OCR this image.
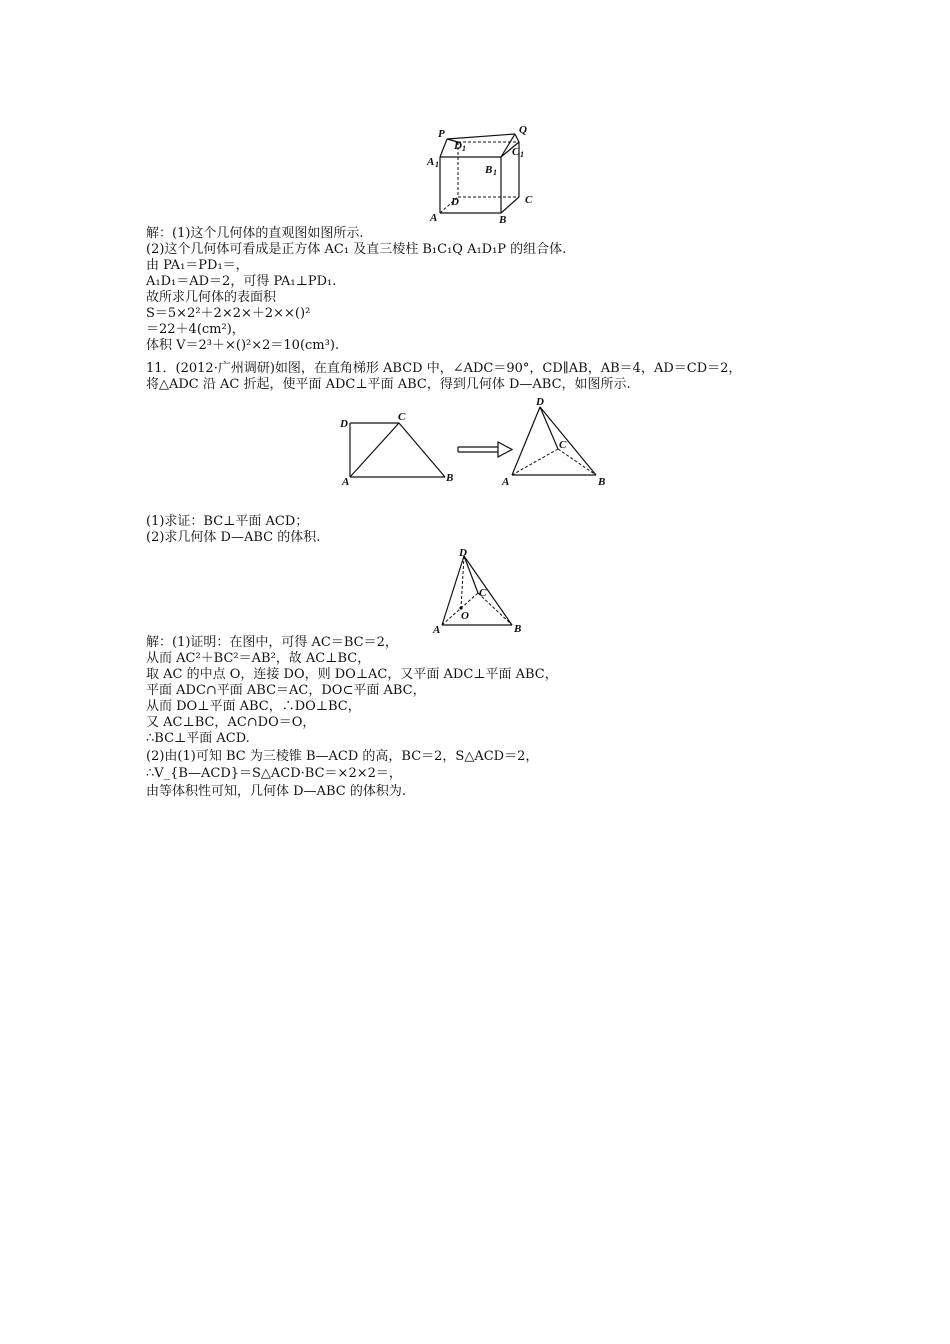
P	Q
D 1	C 1
A 1	B 1
D	C
A	B
解：(1)这个几何体的直观图如图所示.
(2)这个几何体可看成是正方体 AC₁ 及直三棱柱 B₁C₁Q A₁D₁P 的组合体.
由 PA₁＝PD₁＝，
A₁D₁＝AD＝2，可得 PA₁⊥PD₁.
故所求几何体的表面积
S＝5×2²＋2×2×＋2××()²
＝22＋4(cm²)，
体积 V＝2³＋×()²×2＝10(cm³).
11．(2012·广州调研)如图，在直角梯形 ABCD 中，∠ADC＝90°，CD∥AB，AB＝4，AD＝CD＝2，
将△ADC 沿 AC 折起，使平面 ADC⊥平面 ABC，得到几何体 D—ABC，如图所示.
D
C
A	B
D
C
A	B
(1)求证：BC⊥平面 ACD；
(2)求几何体 D—ABC 的体积.
D
C
O
A	B
解：(1)证明：在图中，可得 AC＝BC＝2，
从而 AC²＋BC²＝AB²，故 AC⊥BC，
取 AC 的中点 O，连接 DO，则 DO⊥AC，又平面 ADC⊥平面 ABC，
平面 ADC∩平面 ABC＝AC，DO⊂平面 ABC，
从而 DO⊥平面 ABC，∴DO⊥BC，
又 AC⊥BC，AC∩DO＝O，
∴BC⊥平面 ACD.
(2)由(1)可知 BC 为三棱锥 B—ACD 的高，BC＝2，S△ACD＝2，
∴V_{B—ACD}＝S△ACD·BC＝×2×2＝，
由等体积性可知，几何体 D—ABC 的体积为.
